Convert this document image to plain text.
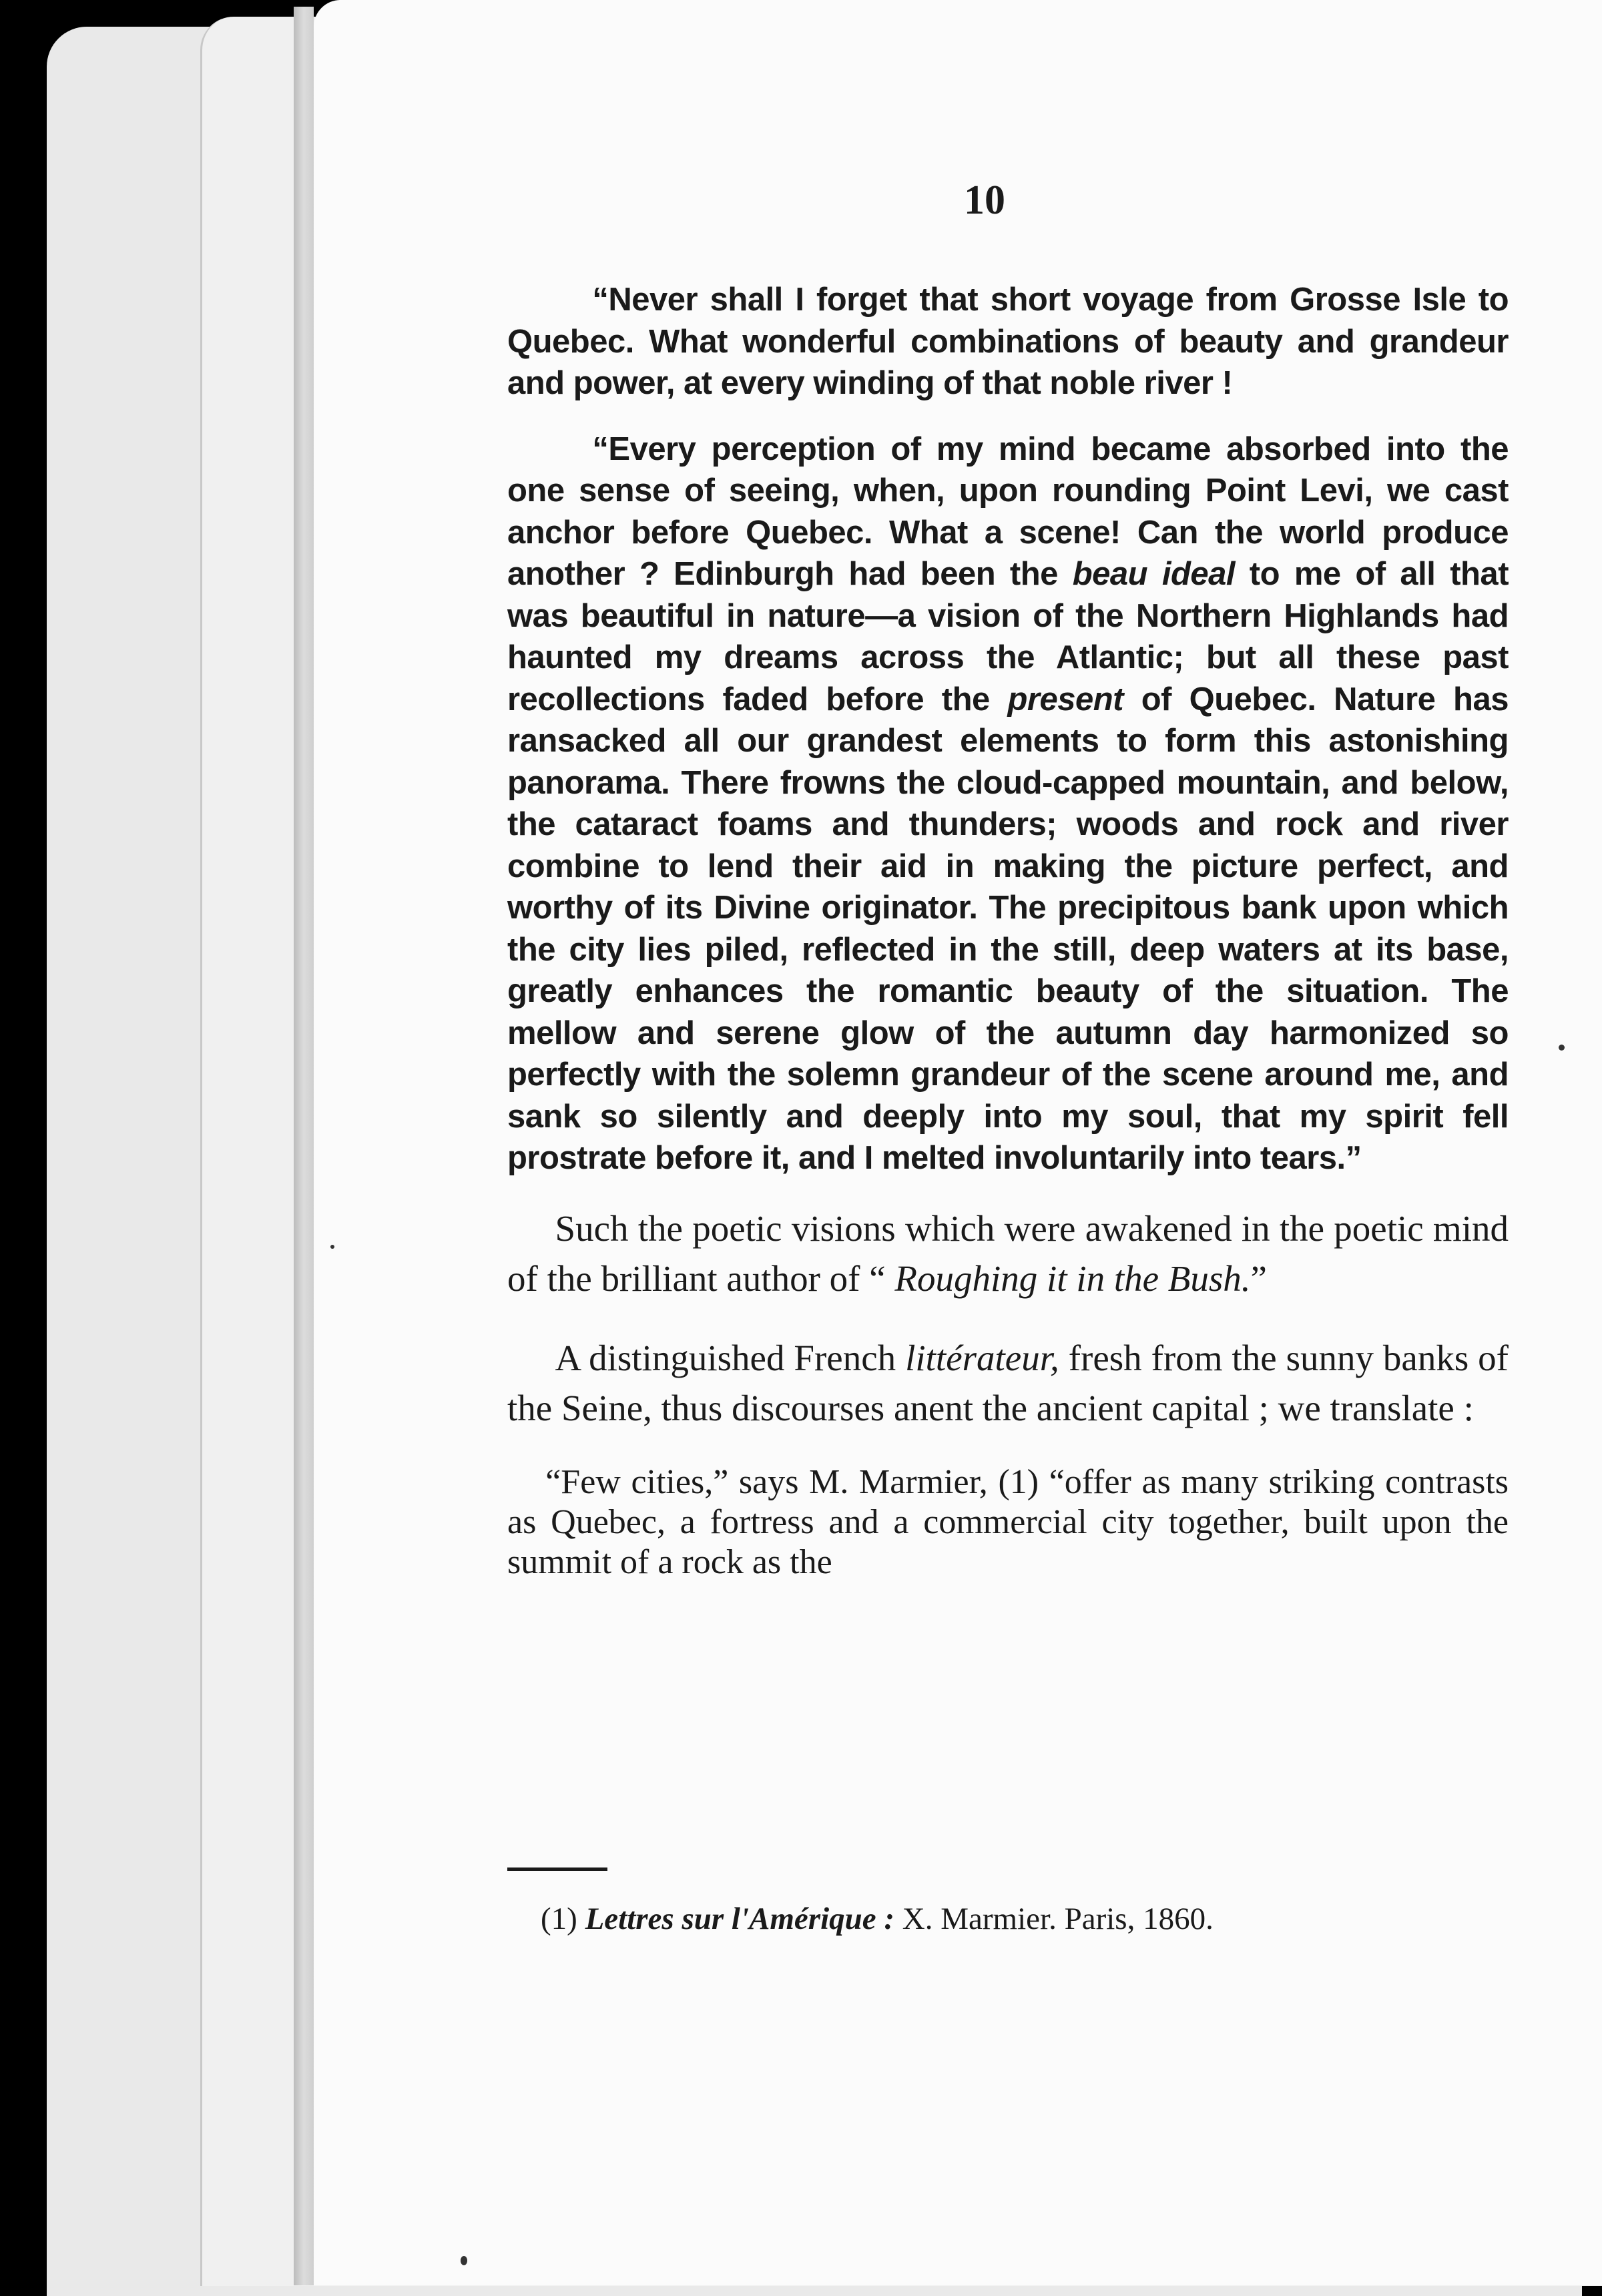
10

“Never shall I forget that short voyage from Grosse Isle to Quebec. What wonderful combinations of beauty and grandeur and power, at every winding of that noble river !

“Every perception of my mind became absorbed into the one sense of seeing, when, upon rounding Point Levi, we cast anchor before Quebec. What a scene! Can the world produce another ? Edinburgh had been the beau ideal to me of all that was beautiful in nature—a vision of the Northern Highlands had haunted my dreams across the Atlantic; but all these past recollections faded before the present of Quebec. Nature has ransacked all our grandest elements to form this astonishing panorama. There frowns the cloud-capped mountain, and below, the cataract foams and thunders; woods and rock and river combine to lend their aid in making the picture perfect, and worthy of its Divine originator. The precipitous bank upon which the city lies piled, reflected in the still, deep waters at its base, greatly enhances the romantic beauty of the situation. The mellow and serene glow of the autumn day harmonized so perfectly with the solemn grandeur of the scene around me, and sank so silently and deeply into my soul, that my spirit fell prostrate before it, and I melted involuntarily into tears.”

Such the poetic visions which were awakened in the poetic mind of the brilliant author of “ Roughing it in the Bush.”

A distinguished French littérateur, fresh from the sunny banks of the Seine, thus discourses anent the ancient capital ; we translate :

“Few cities,” says M. Marmier, (1) “offer as many striking contrasts as Quebec, a fortress and a commercial city together, built upon the summit of a rock as the

(1) Lettres sur l'Amérique : X. Marmier. Paris, 1860.
